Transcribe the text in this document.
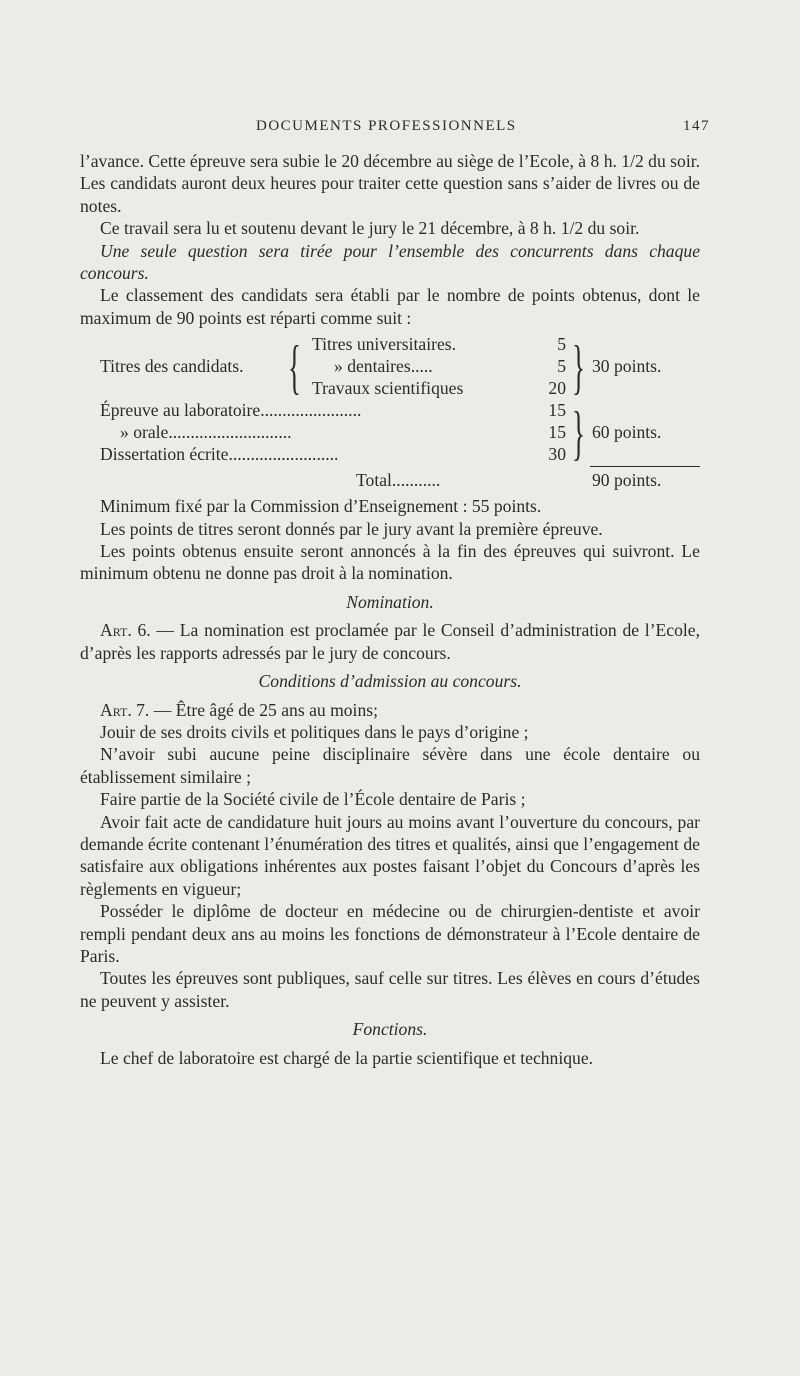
DOCUMENTS PROFESSIONNELS	147

l’avance. Cette épreuve sera subie le 20 décembre au siège de l’Ecole, à 8 h. 1/2 du soir. Les candidats auront deux heures pour traiter cette question sans s’aider de livres ou de notes.

Ce travail sera lu et soutenu devant le jury le 21 décembre, à 8 h. 1/2 du soir.

Une seule question sera tirée pour l’ensemble des concurrents dans chaque concours.

Le classement des candidats sera établi par le nombre de points obtenus, dont le maximum de 90 points est réparti comme suit :

Titres des candidats. { Titres universitaires.	5
» dentaires.....	5
Travaux scientifiques	20 } 30 points.
Épreuve au laboratoire.......................	15
» orale............................	15
Dissertation écrite.........................	30 } 60 points.
Total...........	90 points.

Minimum fixé par la Commission d’Enseignement : 55 points.

Les points de titres seront donnés par le jury avant la première épreuve.

Les points obtenus ensuite seront annoncés à la fin des épreuves qui suivront. Le minimum obtenu ne donne pas droit à la nomination.

Nomination.

Art. 6. — La nomination est proclamée par le Conseil d’administration de l’Ecole, d’après les rapports adressés par le jury de concours.

Conditions d’admission au concours.

Art. 7. — Être âgé de 25 ans au moins;

Jouir de ses droits civils et politiques dans le pays d’origine ;

N’avoir subi aucune peine disciplinaire sévère dans une école dentaire ou établissement similaire ;

Faire partie de la Société civile de l’École dentaire de Paris ;

Avoir fait acte de candidature huit jours au moins avant l’ouverture du concours, par demande écrite contenant l’énumération des titres et qualités, ainsi que l’engagement de satisfaire aux obligations inhérentes aux postes faisant l’objet du Concours d’après les règlements en vigueur;

Posséder le diplôme de docteur en médecine ou de chirurgien-dentiste et avoir rempli pendant deux ans au moins les fonctions de démonstrateur à l’Ecole dentaire de Paris.

Toutes les épreuves sont publiques, sauf celle sur titres. Les élèves en cours d’études ne peuvent y assister.

Fonctions.

Le chef de laboratoire est chargé de la partie scientifique et technique.
